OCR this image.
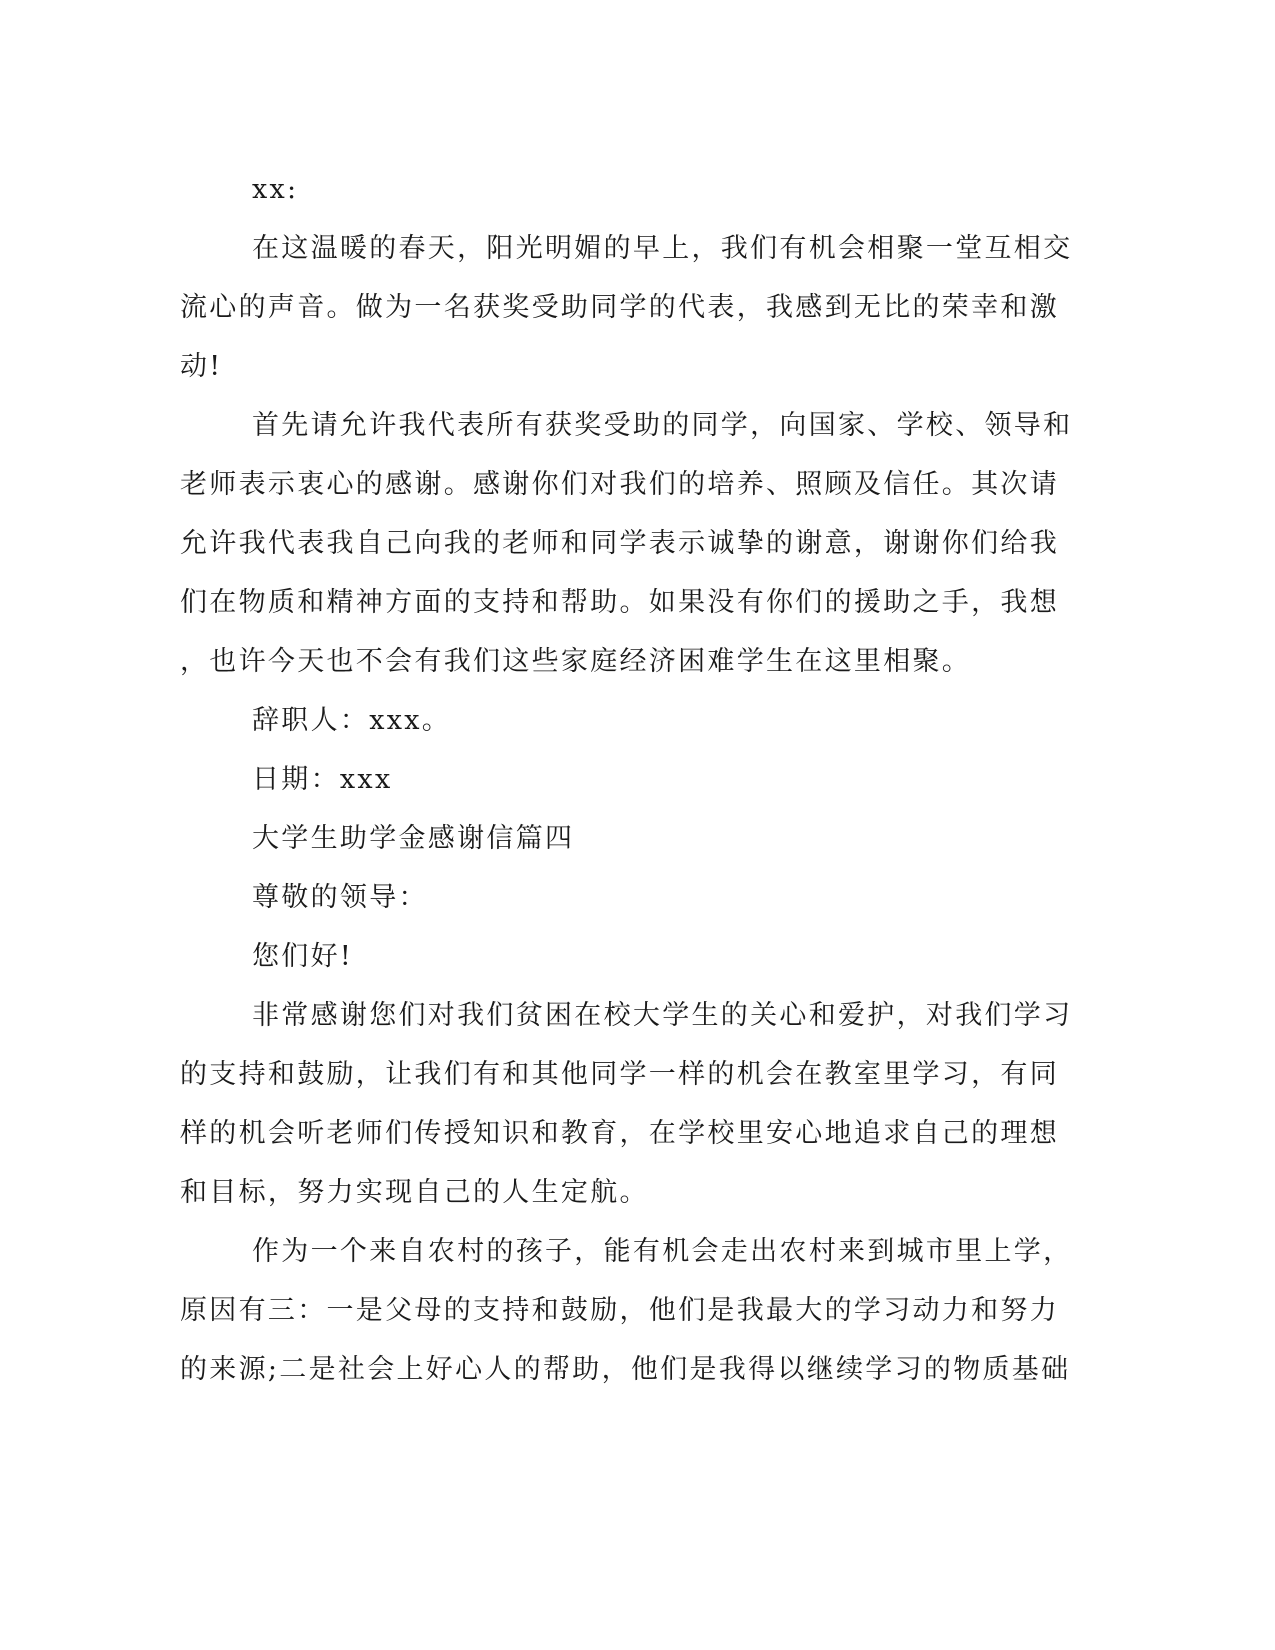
xx:

在这温暖的春天，阳光明媚的早上，我们有机会相聚一堂互相交
流心的声音。做为一名获奖受助同学的代表，我感到无比的荣幸和激
动!

首先请允许我代表所有获奖受助的同学，向国家、学校、领导和
老师表示衷心的感谢。感谢你们对我们的培养、照顾及信任。其次请
允许我代表我自己向我的老师和同学表示诚挚的谢意，谢谢你们给我
们在物质和精神方面的支持和帮助。如果没有你们的援助之手，我想
，也许今天也不会有我们这些家庭经济困难学生在这里相聚。

辞职人：xxx。

日期：xxx

大学生助学金感谢信篇四

尊敬的领导：

您们好!

非常感谢您们对我们贫困在校大学生的关心和爱护，对我们学习
的支持和鼓励，让我们有和其他同学一样的机会在教室里学习，有同
样的机会听老师们传授知识和教育，在学校里安心地追求自己的理想
和目标，努力实现自己的人生定航。

作为一个来自农村的孩子，能有机会走出农村来到城市里上学，
原因有三：一是父母的支持和鼓励，他们是我最大的学习动力和努力
的来源;二是社会上好心人的帮助，他们是我得以继续学习的物质基础
